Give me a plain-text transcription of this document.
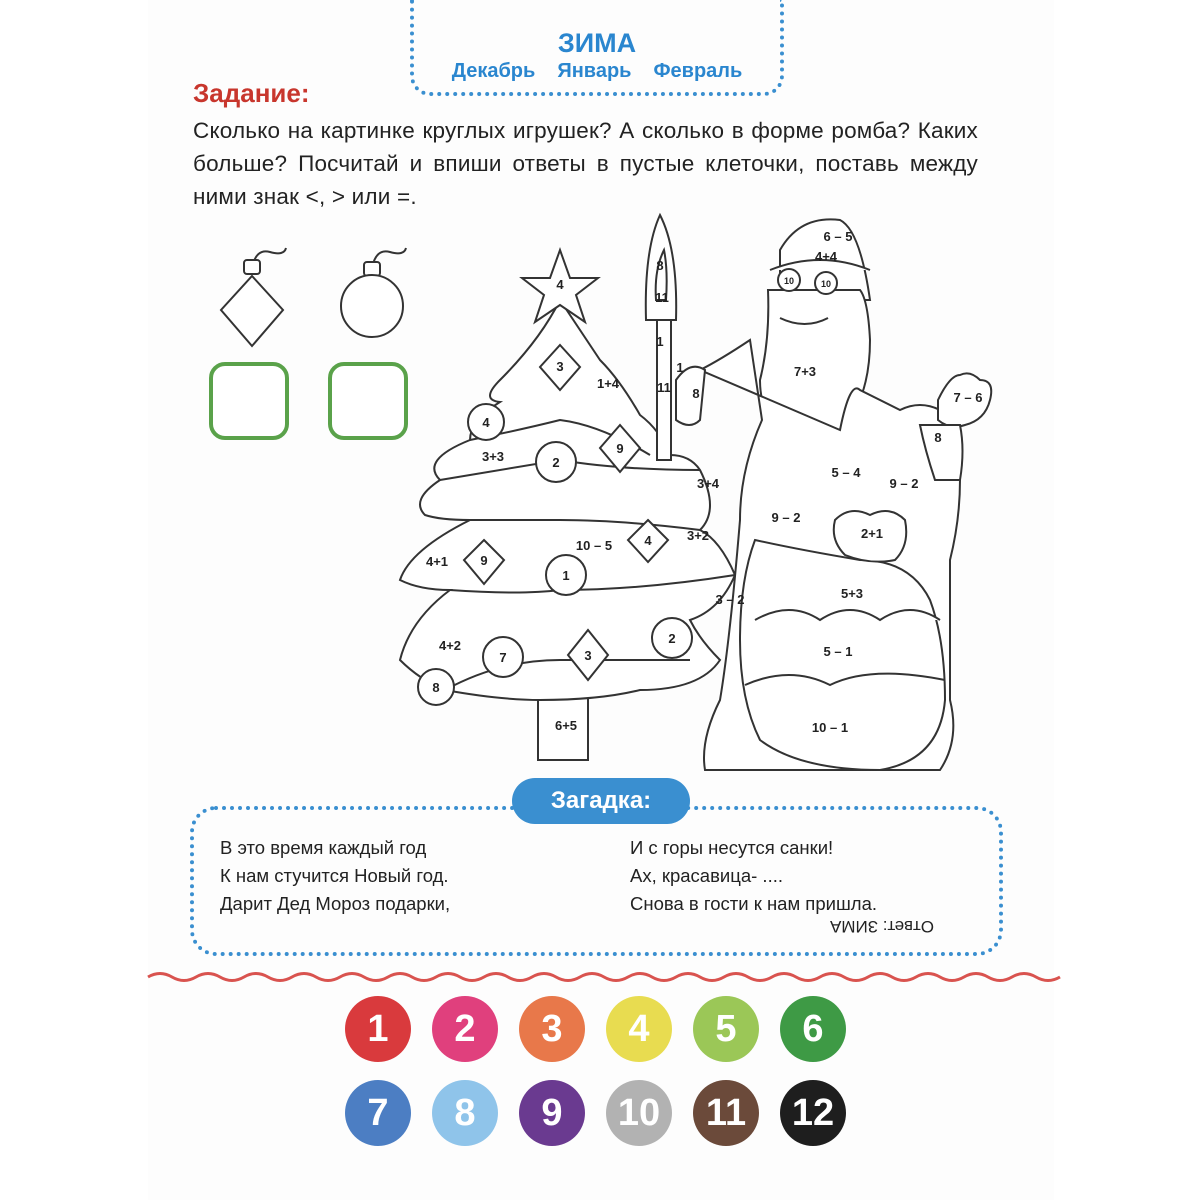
ЗИМА
Декабрь Январь Февраль
Задание:
Сколько на картинке круглых игрушек? А сколько в форме ромба? Каких больше? Посчитай и впиши ответы в пустые клеточки, поставь между ними знак <, > или =.
4
8
11
1
11
1
8
3+4
3
1+4
4
3+3	2
9
4+1 9
10 – 5 4	3+2
1
4+2
7	3
2
8
6+5
6 – 5
4+4
10	10
7+3
7 – 6
8
5 – 4
9 – 2
9 – 2
2+1
3 – 2	5+3
5 – 1
10 – 1
Загадка:
В это время каждый год
К нам стучится Новый год.
Дарит Дед Мороз подарки,
И с горы несутся санки!
Ах, красавица- ....
Снова в гости к нам пришла.
Ответ: ЗИМА
1	2	3	4	5	6
7	8	9	10	11	12
